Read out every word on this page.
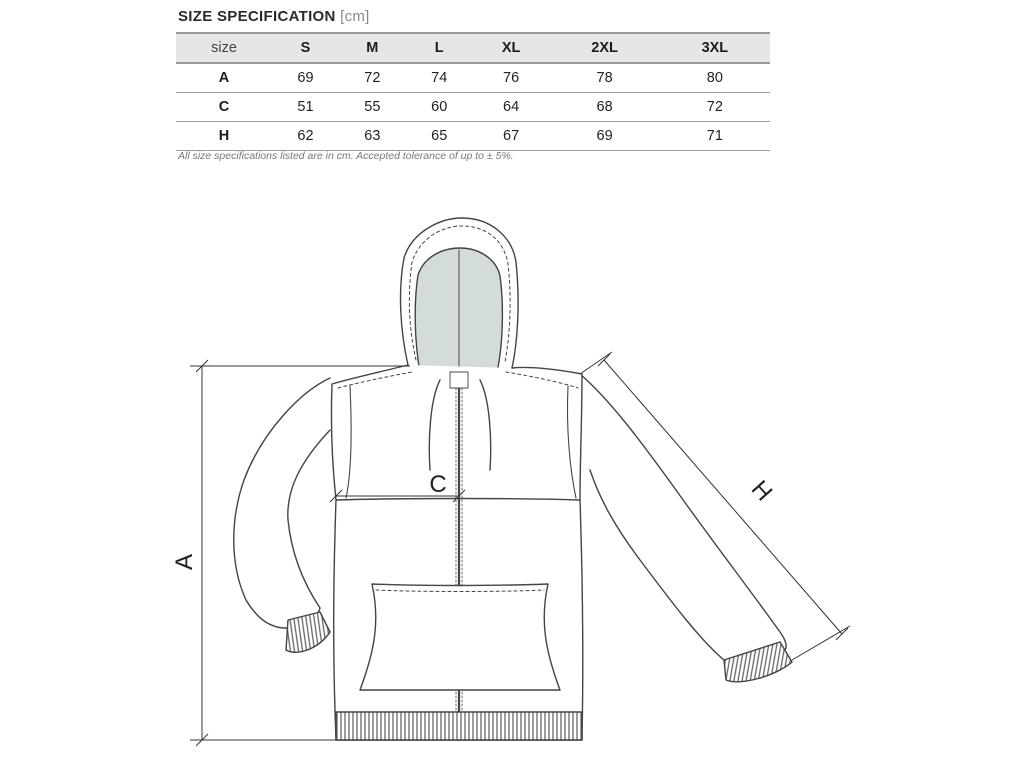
SIZE SPECIFICATION [cm]
size	S	M	L	XL	2XL	3XL
A	69	72	74	76	78	80
C	51	55	60	64	68	72
H	62	63	65	67	69	71
All size specifications listed are in cm. Accepted tolerance of up to ± 5%.
A
C	H
